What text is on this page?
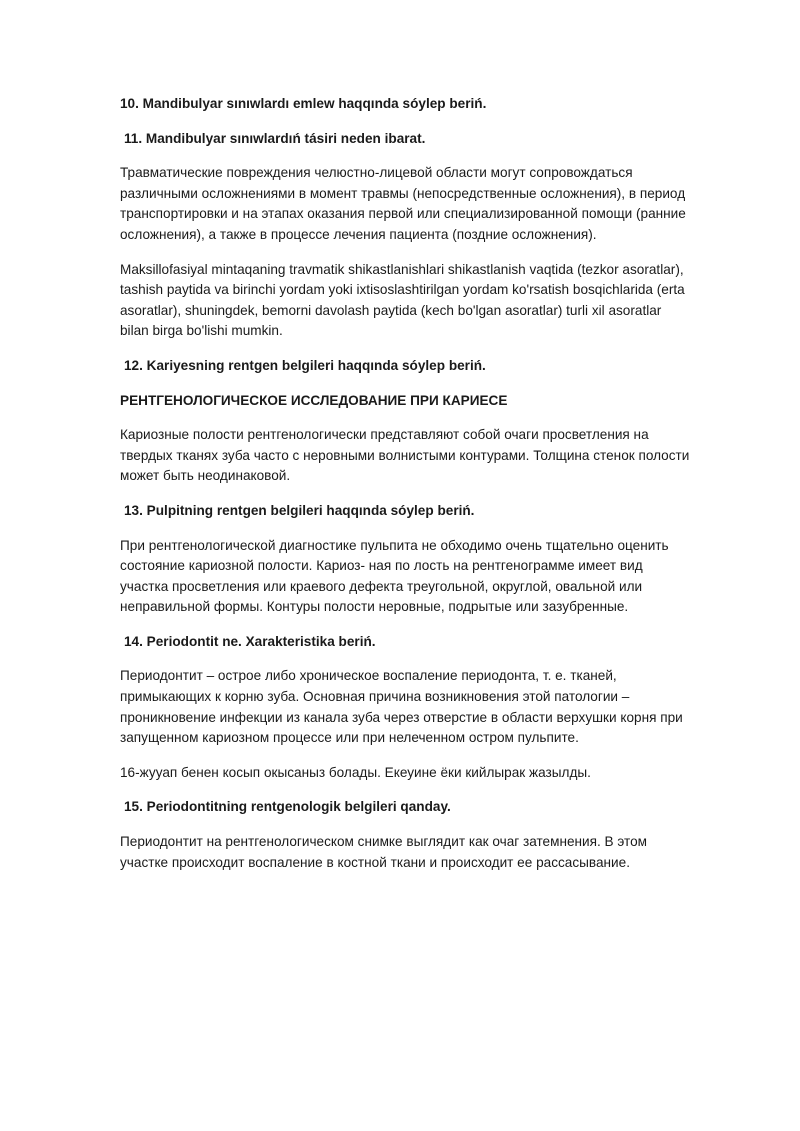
10. Mandibulyar sınıwlardı emlew haqqında sóylep beriń.
11. Mandibulyar sınıwlardıń tásiri neden ibarat.

Травматические повреждения челюстно-лицевой области могут сопровождаться различными осложнениями в момент травмы (непосредственные осложнения), в период транспортировки и на этапах оказания первой или специализированной помощи (ранние осложнения), а также в процессе лечения пациента (поздние осложнения).

Maksillofasiyal mintaqaning travmatik shikastlanishlari shikastlanish vaqtida (tezkor asoratlar), tashish paytida va birinchi yordam yoki ixtisoslashtirilgan yordam ko'rsatish bosqichlarida (erta asoratlar), shuningdek, bemorni davolash paytida (kech bo'lgan asoratlar) turli xil asoratlar bilan birga bo'lishi mumkin.

12. Kariyesning rentgen belgileri haqqında sóylep beriń.
РЕНТГЕНОЛОГИЧЕСКОЕ ИССЛЕДОВАНИЕ ПРИ КАРИЕСЕ

Кариозные полости рентгенологически представляют собой очаги просветления на твердых тканях зуба часто с неровными волнистыми контурами. Толщина стенок полости может быть неодинаковой.

13. Pulpitning rentgen belgileri haqqında sóylep beriń.

При рентгенологической диагностике пульпита не обходимо очень тщательно оценить состояние кариозной полости. Кариоз- ная по лость на рентгенограмме имеет вид участка просветления или краевого дефекта треугольной, округлой, овальной или неправильной формы. Контуры полости неровные, подрытые или зазубренные.

14. Periodontit ne. Xarakteristika beriń.

Периодонтит – острое либо хроническое воспаление периодонта, т. е. тканей, примыкающих к корню зуба. Основная причина возникновения этой патологии – проникновение инфекции из канала зуба через отверстие в области верхушки корня при запущенном кариозном процессе или при нелеченном остром пульпите.

16-жууап бенен косып окысаныз болады. Екеуине ёки кийлырак жазылды.

15. Periodontitning rentgenologik belgileri qanday.

Периодонтит на рентгенологическом снимке выглядит как очаг затемнения. В этом участке происходит воспаление в костной ткани и происходит ее рассасывание.
